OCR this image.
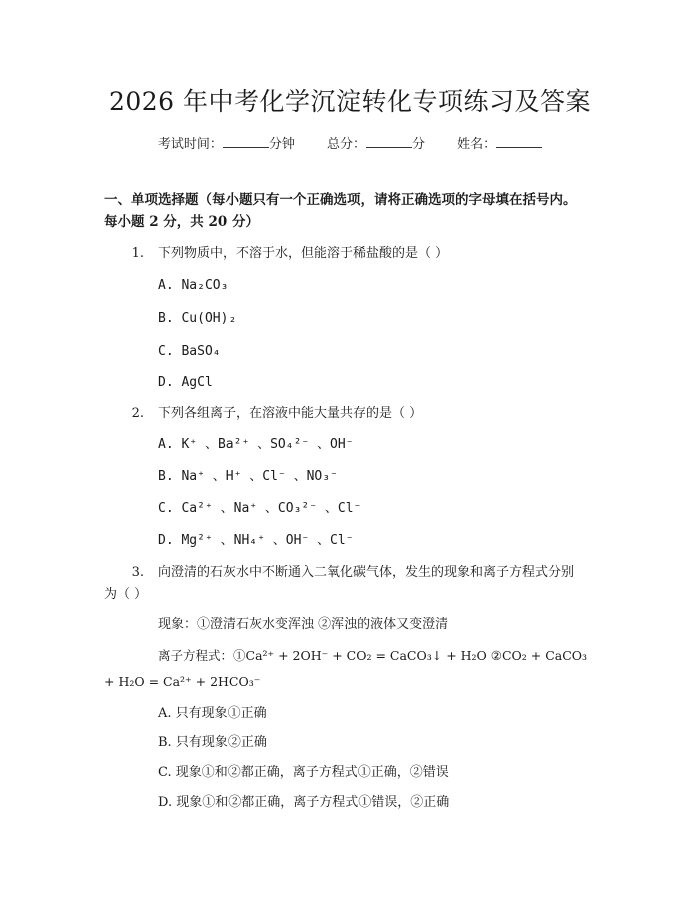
2026 年中考化学沉淀转化专项练习及答案
考试时间：	分钟 总分：	分 姓名：
一、单项选择题（每小题只有一个正确选项，请将正确选项的字母填在括号内。
每小题 2 分，共 20 分）
1. 下列物质中，不溶于水，但能溶于稀盐酸的是（ ）
A. Na₂CO₃
B. Cu(OH)₂
C. BaSO₄
D. AgCl
2. 下列各组离子，在溶液中能大量共存的是（ ）
A. K⁺ 、Ba²⁺ 、SO₄²⁻ 、OH⁻
B. Na⁺ 、H⁺ 、Cl⁻ 、NO₃⁻
C. Ca²⁺ 、Na⁺ 、CO₃²⁻ 、Cl⁻
D. Mg²⁺ 、NH₄⁺ 、OH⁻ 、Cl⁻
3. 向澄清的石灰水中不断通入二氧化碳气体，发生的现象和离子方程式分别
为（ ）
现象：①澄清石灰水变浑浊 ②浑浊的液体又变澄清
离子方程式：①Ca²⁺ + 2OH⁻ + CO₂ = CaCO₃↓ + H₂O ②CO₂ + CaCO₃
+ H₂O = Ca²⁺ + 2HCO₃⁻
A. 只有现象①正确
B. 只有现象②正确
C. 现象①和②都正确，离子方程式①正确，②错误
D. 现象①和②都正确，离子方程式①错误，②正确
